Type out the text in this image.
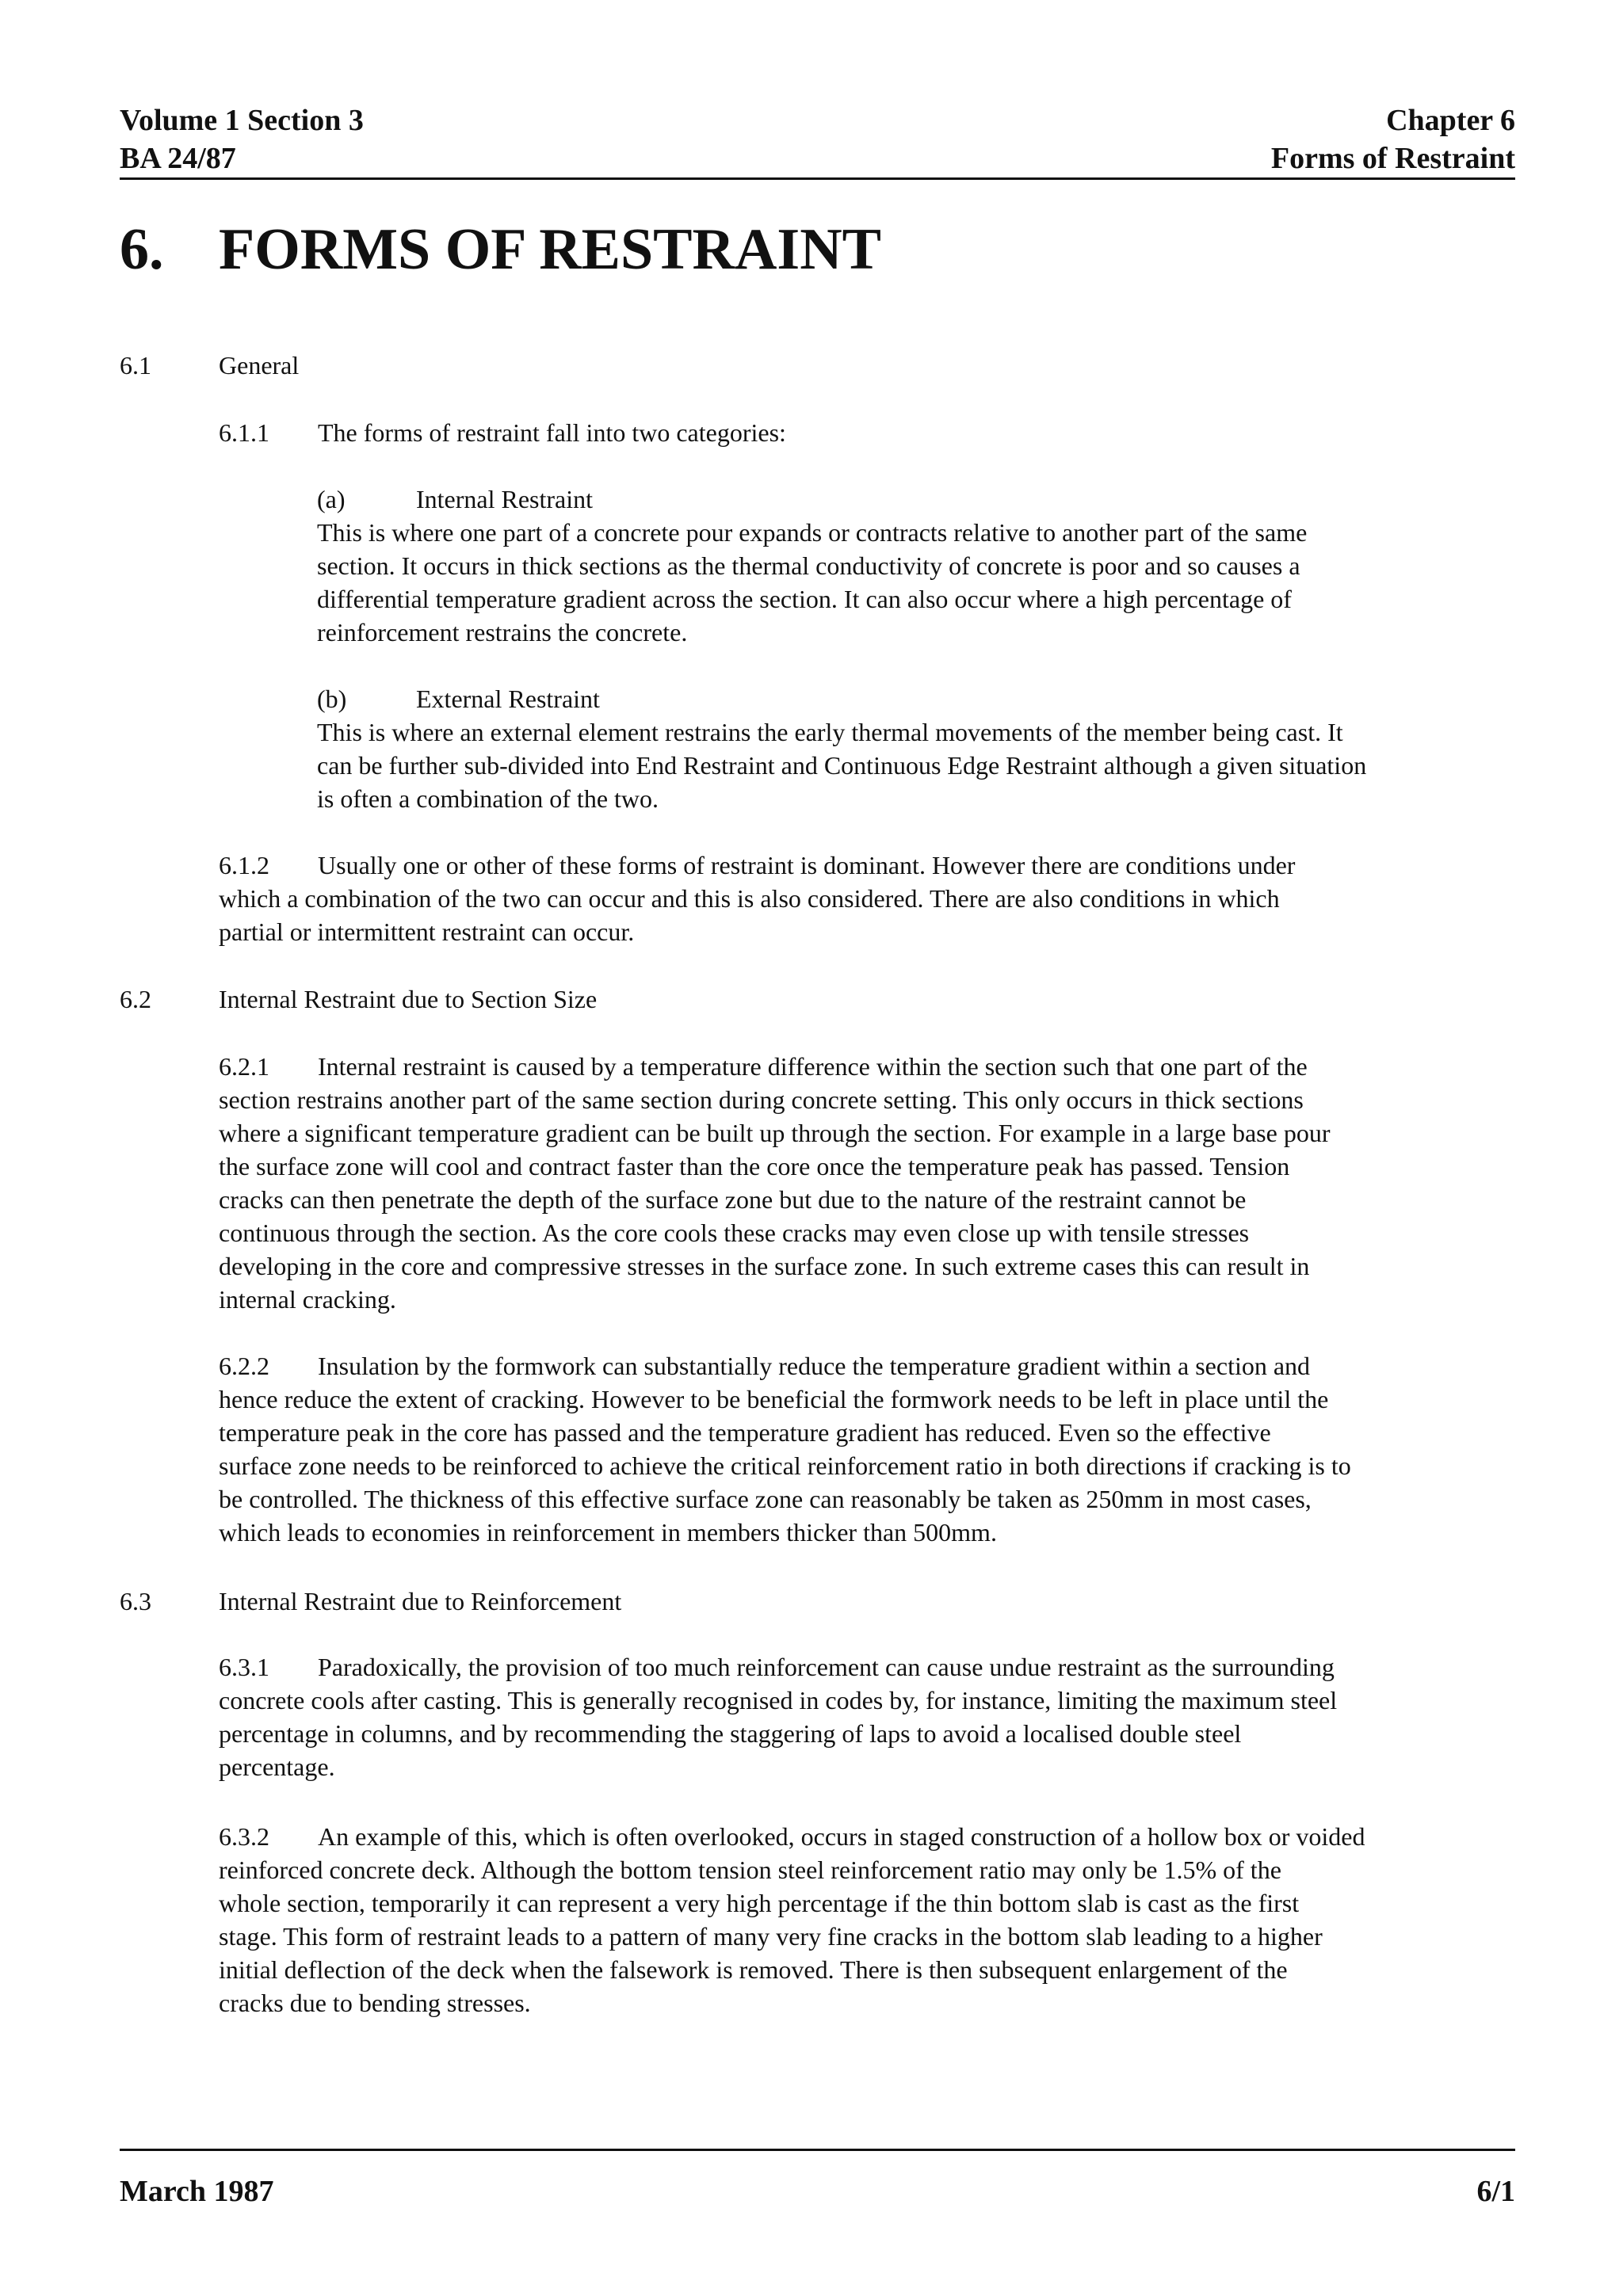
Volume 1 Section 3
BA 24/87
Chapter 6
Forms of Restraint
6. FORMS OF RESTRAINT
6.1	General
6.1.1 The forms of restraint fall into two categories:
(a)	Internal Restraint
This is where one part of a concrete pour expands or contracts relative to another part of the same
section. It occurs in thick sections as the thermal conductivity of concrete is poor and so causes a
differential temperature gradient across the section. It can also occur where a high percentage of
reinforcement restrains the concrete.
(b)	External Restraint
This is where an external element restrains the early thermal movements of the member being cast. It
can be further sub-divided into End Restraint and Continuous Edge Restraint although a given situation
is often a combination of the two.
6.1.2 Usually one or other of these forms of restraint is dominant. However there are conditions under
which a combination of the two can occur and this is also considered. There are also conditions in which
partial or intermittent restraint can occur.
6.2	Internal Restraint due to Section Size
6.2.1 Internal restraint is caused by a temperature difference within the section such that one part of the
section restrains another part of the same section during concrete setting. This only occurs in thick sections
where a significant temperature gradient can be built up through the section. For example in a large base pour
the surface zone will cool and contract faster than the core once the temperature peak has passed. Tension
cracks can then penetrate the depth of the surface zone but due to the nature of the restraint cannot be
continuous through the section. As the core cools these cracks may even close up with tensile stresses
developing in the core and compressive stresses in the surface zone. In such extreme cases this can result in
internal cracking.
6.2.2 Insulation by the formwork can substantially reduce the temperature gradient within a section and
hence reduce the extent of cracking. However to be beneficial the formwork needs to be left in place until the
temperature peak in the core has passed and the temperature gradient has reduced. Even so the effective
surface zone needs to be reinforced to achieve the critical reinforcement ratio in both directions if cracking is to
be controlled. The thickness of this effective surface zone can reasonably be taken as 250mm in most cases,
which leads to economies in reinforcement in members thicker than 500mm.
6.3	Internal Restraint due to Reinforcement
6.3.1 Paradoxically, the provision of too much reinforcement can cause undue restraint as the surrounding
concrete cools after casting. This is generally recognised in codes by, for instance, limiting the maximum steel
percentage in columns, and by recommending the staggering of laps to avoid a localised double steel
percentage.
6.3.2 An example of this, which is often overlooked, occurs in staged construction of a hollow box or voided
reinforced concrete deck. Although the bottom tension steel reinforcement ratio may only be 1.5% of the
whole section, temporarily it can represent a very high percentage if the thin bottom slab is cast as the first
stage. This form of restraint leads to a pattern of many very fine cracks in the bottom slab leading to a higher
initial deflection of the deck when the falsework is removed. There is then subsequent enlargement of the
cracks due to bending stresses.
March 1987	6/1
